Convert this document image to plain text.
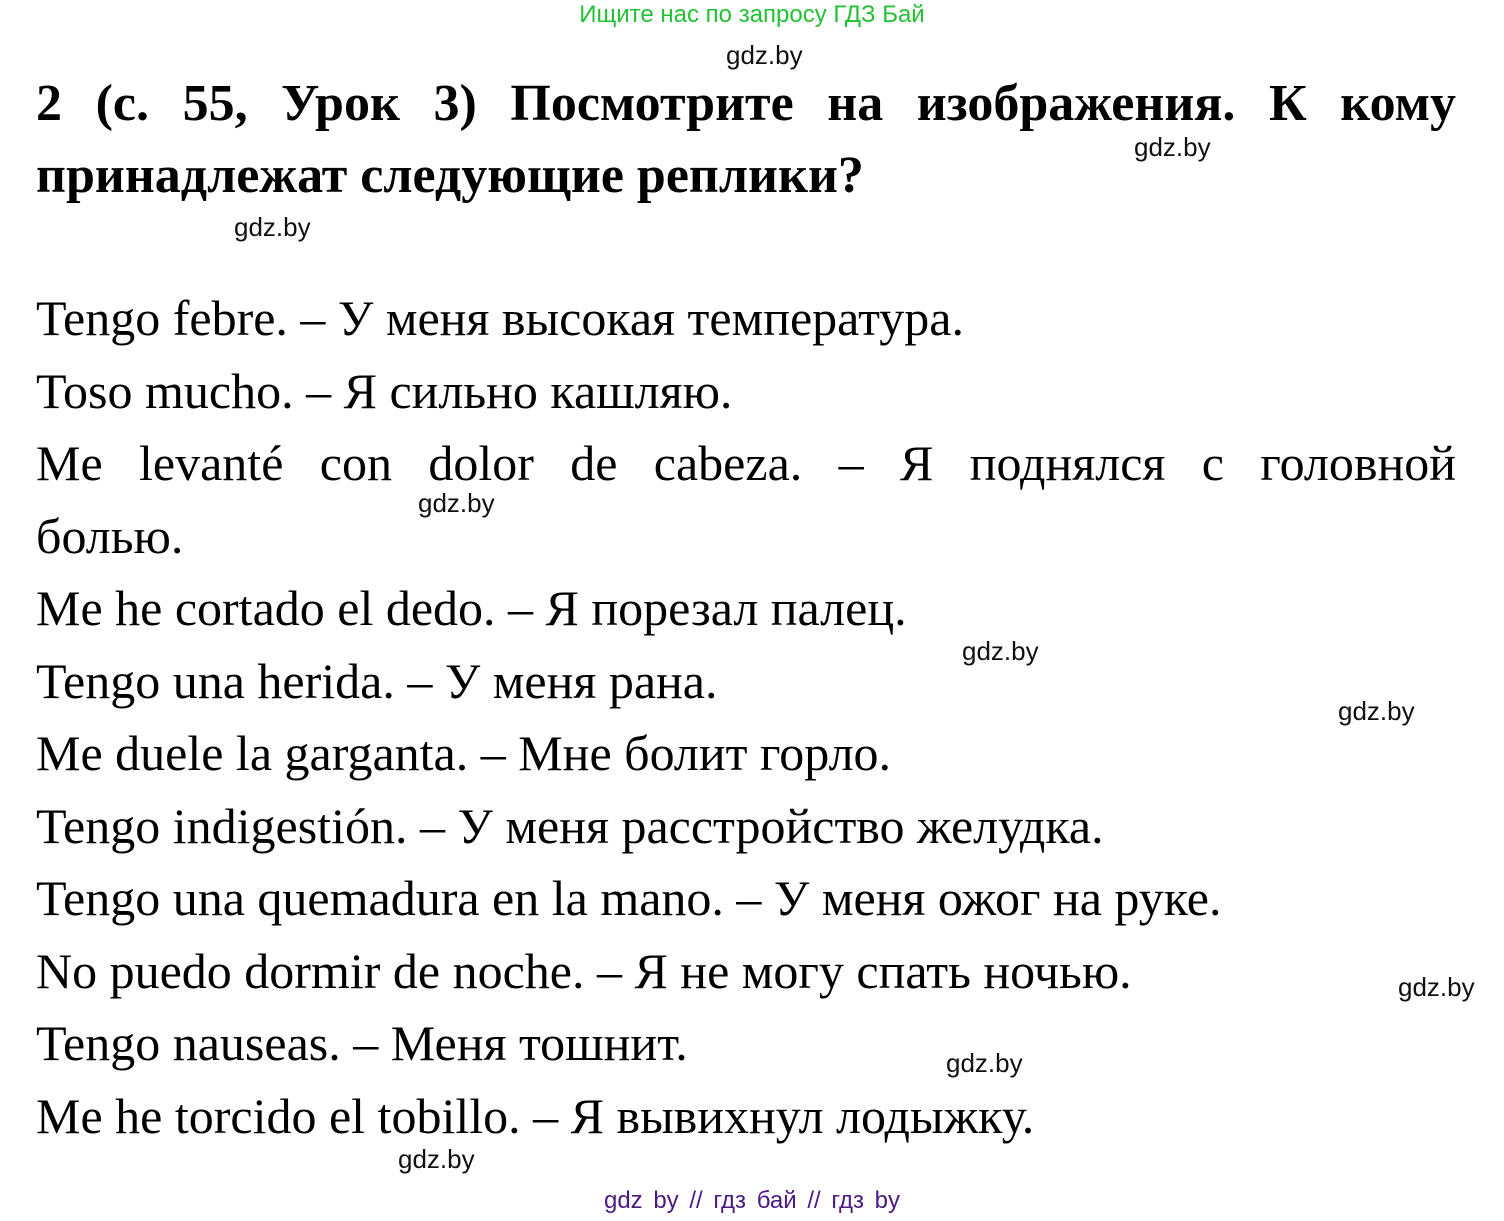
Ищите нас по запросу ГДЗ Бай
gdz.by
gdz.by
gdz.by
gdz.by
gdz.by
gdz.by
gdz.by
gdz.by
gdz.by
2 (с. 55, Урок 3) Посмотрите на изображения. К кому
принадлежат следующие реплики?
Tengo febre. – У меня высокая температура.
Toso mucho. – Я сильно кашляю.
Me levanté con dolor de cabeza. – Я поднялся с головной
болью.
Me he cortado el dedo. – Я порезал палец.
Tengo una herida. – У меня рана.
Me duele la garganta. – Мне болит горло.
Tengo indigestión. – У меня расстройство желудка.
Tengo una quemadura en la mano. – У меня ожог на руке.
No puedo dormir de noche. – Я не могу спать ночью.
Tengo nauseas. – Меня тошнит.
Me he torcido el tobillo. – Я вывихнул лодыжку.
gdz by // гдз бай // гдз by
